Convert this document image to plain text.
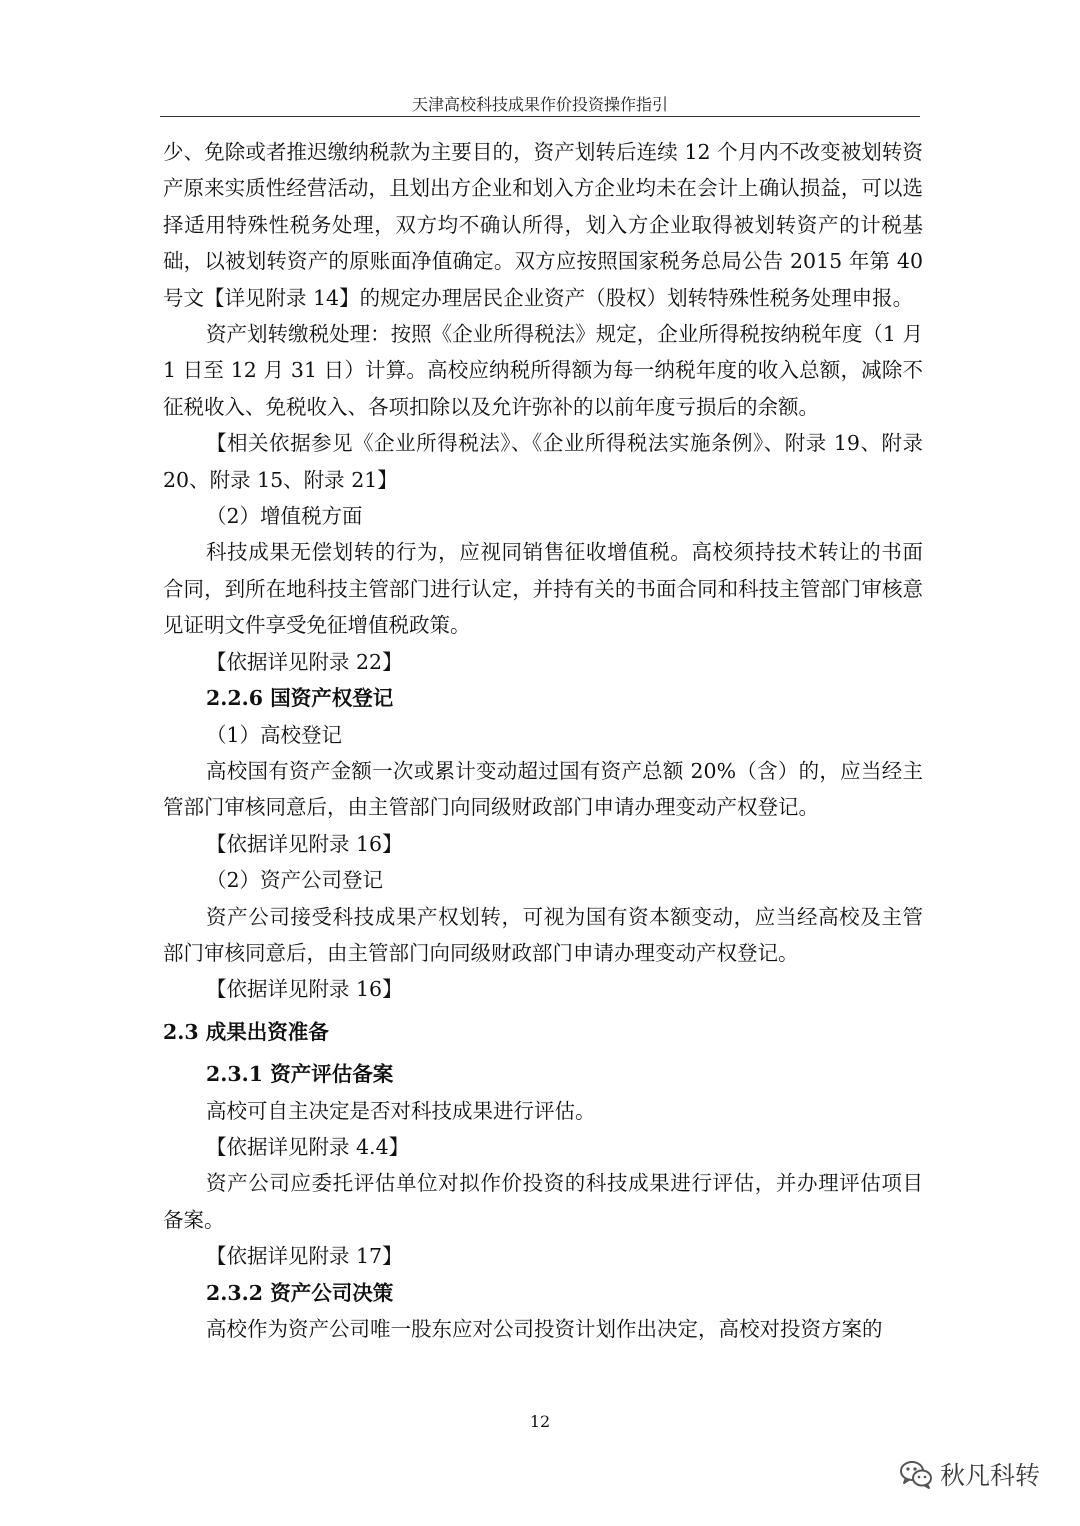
天津高校科技成果作价投资操作指引

少、免除或者推迟缴纳税款为主要目的，资产划转后连续 12 个月内不改变被划转资产原来实质性经营活动，且划出方企业和划入方企业均未在会计上确认损益，可以选择适用特殊性税务处理，双方均不确认所得，划入方企业取得被划转资产的计税基础，以被划转资产的原账面净值确定。双方应按照国家税务总局公告 2015 年第 40 号文【详见附录 14】的规定办理居民企业资产（股权）划转特殊性税务处理申报。

资产划转缴税处理：按照《企业所得税法》规定，企业所得税按纳税年度（1 月 1 日至 12 月 31 日）计算。高校应纳税所得额为每一纳税年度的收入总额，减除不征税收入、免税收入、各项扣除以及允许弥补的以前年度亏损后的余额。

【相关依据参见《企业所得税法》、《企业所得税法实施条例》、附录 19、附录 20、附录 15、附录 21】

（2）增值税方面

科技成果无偿划转的行为，应视同销售征收增值税。高校须持技术转让的书面合同，到所在地科技主管部门进行认定，并持有关的书面合同和科技主管部门审核意见证明文件享受免征增值税政策。

【依据详见附录 22】

2.2.6 国资产权登记

（1）高校登记

高校国有资产金额一次或累计变动超过国有资产总额 20%（含）的，应当经主管部门审核同意后，由主管部门向同级财政部门申请办理变动产权登记。

【依据详见附录 16】

（2）资产公司登记

资产公司接受科技成果产权划转，可视为国有资本额变动，应当经高校及主管部门审核同意后，由主管部门向同级财政部门申请办理变动产权登记。

【依据详见附录 16】

2.3 成果出资准备

2.3.1 资产评估备案

高校可自主决定是否对科技成果进行评估。

【依据详见附录 4.4】

资产公司应委托评估单位对拟作价投资的科技成果进行评估，并办理评估项目备案。

【依据详见附录 17】

2.3.2 资产公司决策

高校作为资产公司唯一股东应对公司投资计划作出决定，高校对投资方案的

12
秋凡科转
